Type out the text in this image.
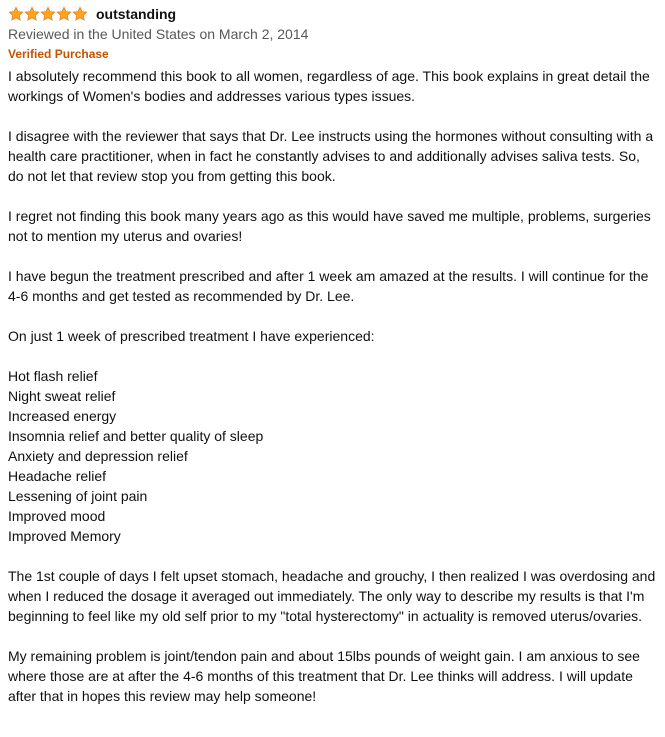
outstanding
Reviewed in the United States on March 2, 2014
Verified Purchase

I absolutely recommend this book to all women, regardless of age. This book explains in great detail the workings of Women's bodies and addresses various types issues.

I disagree with the reviewer that says that Dr. Lee instructs using the hormones without consulting with a health care practitioner, when in fact he constantly advises to and additionally advises saliva tests. So, do not let that review stop you from getting this book.

I regret not finding this book many years ago as this would have saved me multiple, problems, surgeries not to mention my uterus and ovaries!

I have begun the treatment prescribed and after 1 week am amazed at the results. I will continue for the 4-6 months and get tested as recommended by Dr. Lee.

On just 1 week of prescribed treatment I have experienced:

Hot flash relief
Night sweat relief
Increased energy
Insomnia relief and better quality of sleep
Anxiety and depression relief
Headache relief
Lessening of joint pain
Improved mood
Improved Memory

The 1st couple of days I felt upset stomach, headache and grouchy, I then realized I was overdosing and when I reduced the dosage it averaged out immediately. The only way to describe my results is that I'm beginning to feel like my old self prior to my "total hysterectomy" in actuality is removed uterus/ovaries.

My remaining problem is joint/tendon pain and about 15lbs pounds of weight gain. I am anxious to see where those are at after the 4-6 months of this treatment that Dr. Lee thinks will address. I will update after that in hopes this review may help someone!
